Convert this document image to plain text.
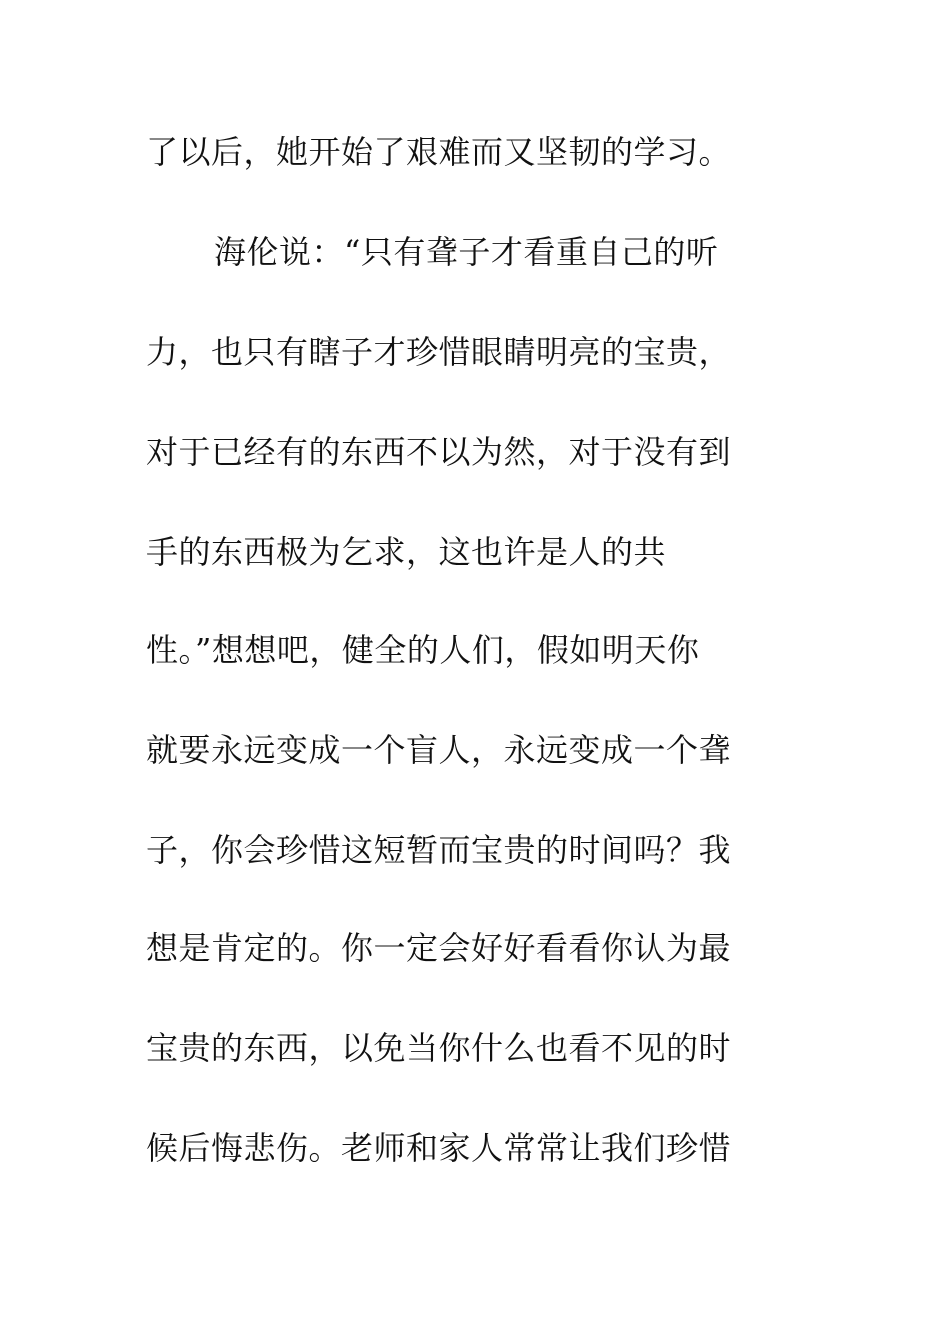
了以后，她开始了艰难而又坚韧的学习。
海伦说：“只有聋子才看重自己的听
力，也只有瞎子才珍惜眼睛明亮的宝贵，
对于已经有的东西不以为然，对于没有到
手的东西极为乞求，这也许是人的共
性。”想想吧，健全的人们，假如明天你
就要永远变成一个盲人，永远变成一个聋
子，你会珍惜这短暂而宝贵的时间吗？我
想是肯定的。你一定会好好看看你认为最
宝贵的东西，以免当你什么也看不见的时
候后悔悲伤。老师和家人常常让我们珍惜
